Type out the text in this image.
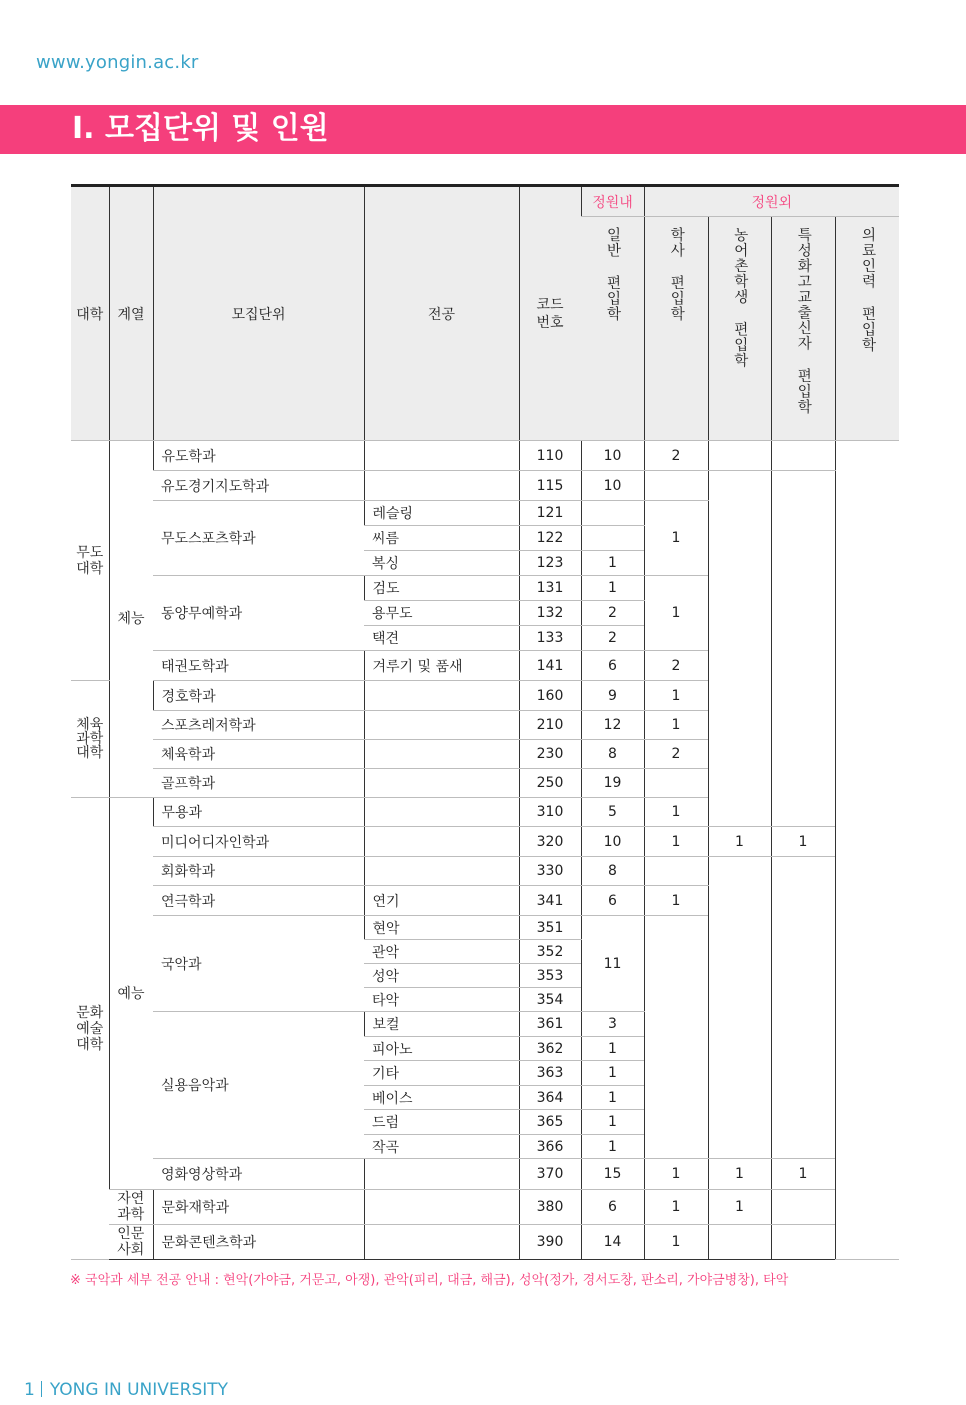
www.yongin.ac.kr
Ⅰ. 모집단위 및 인원
대학	계열	모집단위	전공	코드 번호	정원내	정원외			
					일반 편입학	학사 편입학	농어촌학생 편입학	특성화고교출신자 편입학	의료인력 편입학
무도 대학	체능	유도학과		110	10	2			
		유도경기지도학과		115	10				
		무도스포츠학과	레슬링	121		1			
			씨름	122					
			복싱	123	1				
		동양무예학과	검도	131	1	1			
			용무도	132	2				
			택견	133	2				
		태권도학과	겨루기 및 품새	141	6	2			
체육 과학 대학		경호학과		160	9	1			
		스포츠레저학과		210	12	1			
		체육학과		230	8	2			
		골프학과		250	19				
문화 예술 대학	예능	무용과		310	5	1			
		미디어디자인학과		320	10	1	1	1	
		회화학과		330	8				
		연극학과	연기	341	6	1			
		국악과	현악	351	11				
			관악	352					
			성악	353					
			타악	354					
		실용음악과	보컬	361	3				
			피아노	362	1				
			기타	363	1				
			베이스	364	1				
			드럼	365	1				
			작곡	366	1				
		영화영상학과		370	15	1	1	1	
	자연 과학	문화재학과		380	6	1	1		
	인문 사회	문화콘텐츠학과		390	14	1			
※ 국악과 세부 전공 안내 : 현악(가야금, 거문고, 아쟁), 관악(피리, 대금, 해금), 성악(정가, 경서도창, 판소리, 가야금병창), 타악
1 YONG IN UNIVERSITY
